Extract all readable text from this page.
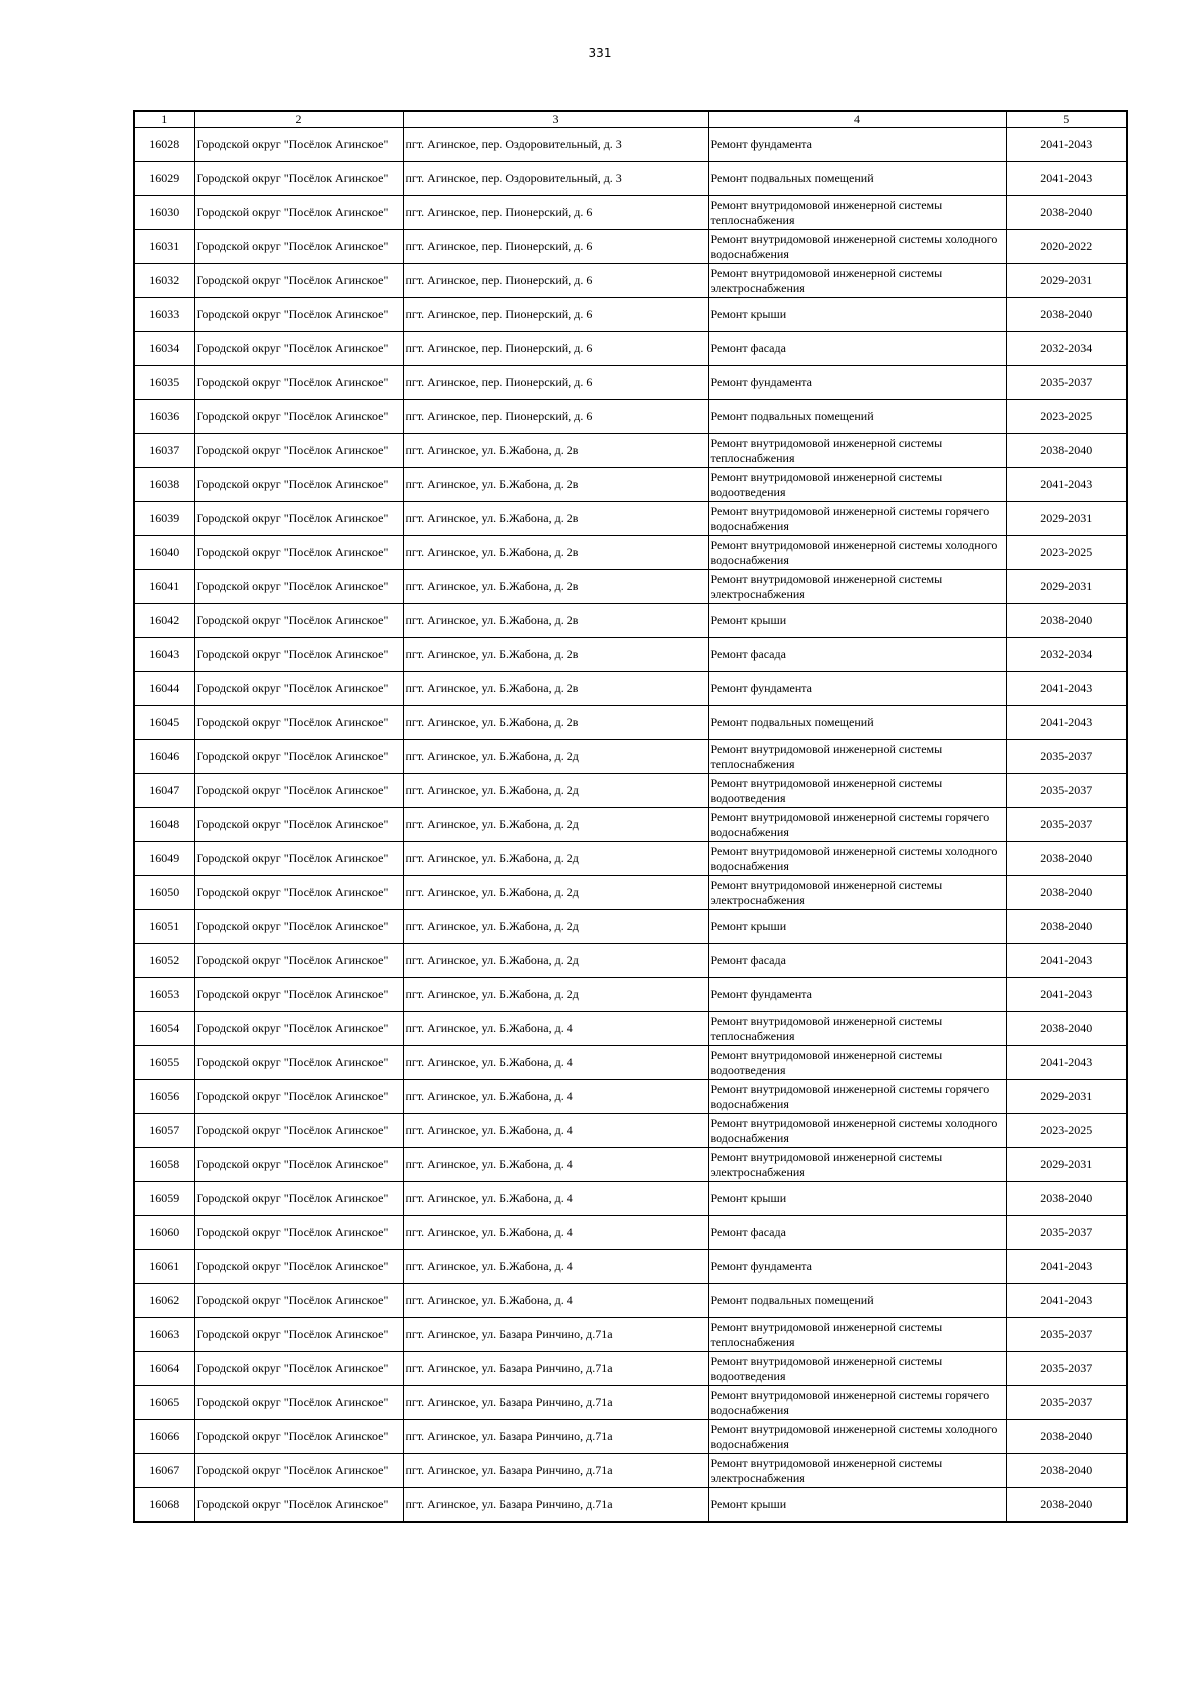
331
1	2	3	4	5
16028	Городской округ "Посёлок Агинское"	пгт. Агинское, пер. Оздоровительный, д. 3	Ремонт фундамента	2041-2043
16029	Городской округ "Посёлок Агинское"	пгт. Агинское, пер. Оздоровительный, д. 3	Ремонт подвальных помещений	2041-2043
16030	Городской округ "Посёлок Агинское"	пгт. Агинское, пер. Пионерский, д. 6	Ремонт внутридомовой инженерной системы теплоснабжения	2038-2040
16031	Городской округ "Посёлок Агинское"	пгт. Агинское, пер. Пионерский, д. 6	Ремонт внутридомовой инженерной системы холодного водоснабжения	2020-2022
16032	Городской округ "Посёлок Агинское"	пгт. Агинское, пер. Пионерский, д. 6	Ремонт внутридомовой инженерной системы электроснабжения	2029-2031
16033	Городской округ "Посёлок Агинское"	пгт. Агинское, пер. Пионерский, д. 6	Ремонт крыши	2038-2040
16034	Городской округ "Посёлок Агинское"	пгт. Агинское, пер. Пионерский, д. 6	Ремонт фасада	2032-2034
16035	Городской округ "Посёлок Агинское"	пгт. Агинское, пер. Пионерский, д. 6	Ремонт фундамента	2035-2037
16036	Городской округ "Посёлок Агинское"	пгт. Агинское, пер. Пионерский, д. 6	Ремонт подвальных помещений	2023-2025
16037	Городской округ "Посёлок Агинское"	пгт. Агинское, ул. Б.Жабона, д. 2в	Ремонт внутридомовой инженерной системы теплоснабжения	2038-2040
16038	Городской округ "Посёлок Агинское"	пгт. Агинское, ул. Б.Жабона, д. 2в	Ремонт внутридомовой инженерной системы водоотведения	2041-2043
16039	Городской округ "Посёлок Агинское"	пгт. Агинское, ул. Б.Жабона, д. 2в	Ремонт внутридомовой инженерной системы горячего водоснабжения	2029-2031
16040	Городской округ "Посёлок Агинское"	пгт. Агинское, ул. Б.Жабона, д. 2в	Ремонт внутридомовой инженерной системы холодного водоснабжения	2023-2025
16041	Городской округ "Посёлок Агинское"	пгт. Агинское, ул. Б.Жабона, д. 2в	Ремонт внутридомовой инженерной системы электроснабжения	2029-2031
16042	Городской округ "Посёлок Агинское"	пгт. Агинское, ул. Б.Жабона, д. 2в	Ремонт крыши	2038-2040
16043	Городской округ "Посёлок Агинское"	пгт. Агинское, ул. Б.Жабона, д. 2в	Ремонт фасада	2032-2034
16044	Городской округ "Посёлок Агинское"	пгт. Агинское, ул. Б.Жабона, д. 2в	Ремонт фундамента	2041-2043
16045	Городской округ "Посёлок Агинское"	пгт. Агинское, ул. Б.Жабона, д. 2в	Ремонт подвальных помещений	2041-2043
16046	Городской округ "Посёлок Агинское"	пгт. Агинское, ул. Б.Жабона, д. 2д	Ремонт внутридомовой инженерной системы теплоснабжения	2035-2037
16047	Городской округ "Посёлок Агинское"	пгт. Агинское, ул. Б.Жабона, д. 2д	Ремонт внутридомовой инженерной системы водоотведения	2035-2037
16048	Городской округ "Посёлок Агинское"	пгт. Агинское, ул. Б.Жабона, д. 2д	Ремонт внутридомовой инженерной системы горячего водоснабжения	2035-2037
16049	Городской округ "Посёлок Агинское"	пгт. Агинское, ул. Б.Жабона, д. 2д	Ремонт внутридомовой инженерной системы холодного водоснабжения	2038-2040
16050	Городской округ "Посёлок Агинское"	пгт. Агинское, ул. Б.Жабона, д. 2д	Ремонт внутридомовой инженерной системы электроснабжения	2038-2040
16051	Городской округ "Посёлок Агинское"	пгт. Агинское, ул. Б.Жабона, д. 2д	Ремонт крыши	2038-2040
16052	Городской округ "Посёлок Агинское"	пгт. Агинское, ул. Б.Жабона, д. 2д	Ремонт фасада	2041-2043
16053	Городской округ "Посёлок Агинское"	пгт. Агинское, ул. Б.Жабона, д. 2д	Ремонт фундамента	2041-2043
16054	Городской округ "Посёлок Агинское"	пгт. Агинское, ул. Б.Жабона, д. 4	Ремонт внутридомовой инженерной системы теплоснабжения	2038-2040
16055	Городской округ "Посёлок Агинское"	пгт. Агинское, ул. Б.Жабона, д. 4	Ремонт внутридомовой инженерной системы водоотведения	2041-2043
16056	Городской округ "Посёлок Агинское"	пгт. Агинское, ул. Б.Жабона, д. 4	Ремонт внутридомовой инженерной системы горячего водоснабжения	2029-2031
16057	Городской округ "Посёлок Агинское"	пгт. Агинское, ул. Б.Жабона, д. 4	Ремонт внутридомовой инженерной системы холодного водоснабжения	2023-2025
16058	Городской округ "Посёлок Агинское"	пгт. Агинское, ул. Б.Жабона, д. 4	Ремонт внутридомовой инженерной системы электроснабжения	2029-2031
16059	Городской округ "Посёлок Агинское"	пгт. Агинское, ул. Б.Жабона, д. 4	Ремонт крыши	2038-2040
16060	Городской округ "Посёлок Агинское"	пгт. Агинское, ул. Б.Жабона, д. 4	Ремонт фасада	2035-2037
16061	Городской округ "Посёлок Агинское"	пгт. Агинское, ул. Б.Жабона, д. 4	Ремонт фундамента	2041-2043
16062	Городской округ "Посёлок Агинское"	пгт. Агинское, ул. Б.Жабона, д. 4	Ремонт подвальных помещений	2041-2043
16063	Городской округ "Посёлок Агинское"	пгт. Агинское, ул. Базара Ринчино, д.71а	Ремонт внутридомовой инженерной системы теплоснабжения	2035-2037
16064	Городской округ "Посёлок Агинское"	пгт. Агинское, ул. Базара Ринчино, д.71а	Ремонт внутридомовой инженерной системы водоотведения	2035-2037
16065	Городской округ "Посёлок Агинское"	пгт. Агинское, ул. Базара Ринчино, д.71а	Ремонт внутридомовой инженерной системы горячего водоснабжения	2035-2037
16066	Городской округ "Посёлок Агинское"	пгт. Агинское, ул. Базара Ринчино, д.71а	Ремонт внутридомовой инженерной системы холодного водоснабжения	2038-2040
16067	Городской округ "Посёлок Агинское"	пгт. Агинское, ул. Базара Ринчино, д.71а	Ремонт внутридомовой инженерной системы электроснабжения	2038-2040
16068	Городской округ "Посёлок Агинское"	пгт. Агинское, ул. Базара Ринчино, д.71а	Ремонт крыши	2038-2040
